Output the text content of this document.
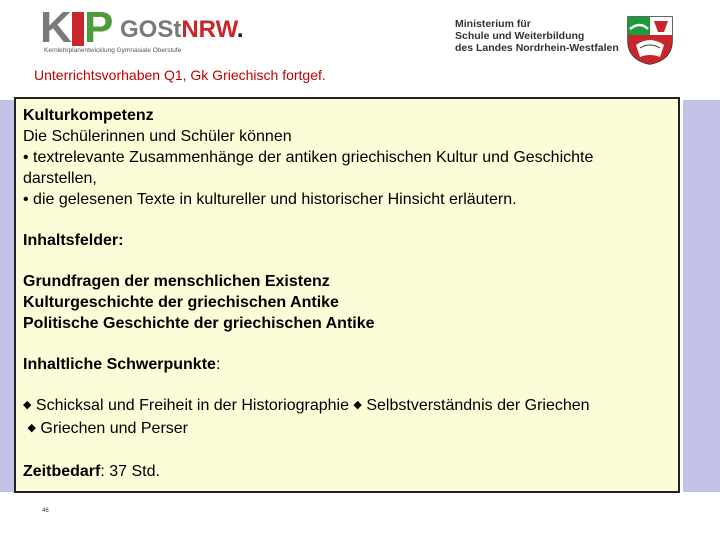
K P GOStNRW.
Kernlehrplanentwicklung Gymnasiale Oberstufe
Ministerium für
Schule und Weiterbildung
des Landes Nordrhein-Westfalen
Unterrichtsvorhaben Q1, Gk Griechisch fortgef.

Kulturkompetenz

Die Schülerinnen und Schüler können

• textrelevante Zusammenhänge der antiken griechischen Kultur und Geschichte

darstellen,

• die gelesenen Texte in kultureller und historischer Hinsicht erläutern.

Inhaltsfelder:

Grundfragen der menschlichen Existenz

Kulturgeschichte der griechischen Antike

Politische Geschichte der griechischen Antike

Inhaltliche Schwerpunkte:

◆ Schicksal und Freiheit in der Historiographie ◆ Selbstverständnis der Griechen

◆ Griechen und Perser

Zeitbedarf: 37 Std.

46
